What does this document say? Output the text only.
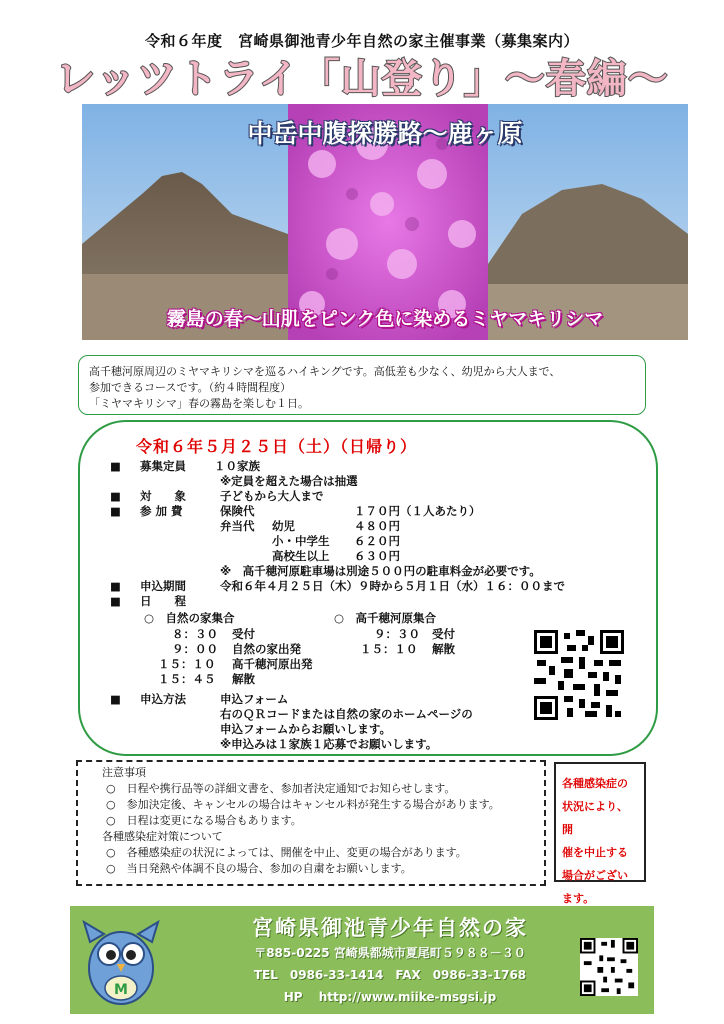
令和６年度　宮崎県御池青少年自然の家主催事業（募集案内）
レッツトライ「山登り」〜春編〜
中岳中腹探勝路〜鹿ヶ原
霧島の春〜山肌をピンク色に染めるミヤマキリシマ
高千穂河原周辺のミヤマキリシマを巡るハイキングです。高低差も少なく、幼児から大人まで、
参加できるコースです。（約４時間程度）
「ミヤマキリシマ」春の霧島を楽しむ１日。
令和６年５月２５日（土）（日帰り）
■ 募集定員 １０家族
※定員を超えた場合は抽選
■ 対　　象	子どもから大人まで
■ 参 加 費	保険代	１７０円（１人あたり）
弁当代 幼児	４８０円
小・中学生 ６２０円
高校生以上 ６３０円
※　高千穂河原駐車場は別途５００円の駐車料金が必要です。
■ 申込期間	令和６年４月２５日（木）９時から５月１日（水）１６：００まで
■ 日　　程
○　自然の家集合
８：３０ 受付
９：００ 自然の家出発
１５：１０ 高千穂河原出発
１５：４５ 解散
○　高千穂河原集合
９：３０ 受付
１５：１０ 解散
■ 申込方法	申込フォーム
右のＱＲコードまたは自然の家のホームページの
申込フォームからお願いします。
※申込みは１家族１応募でお願いします。
注意事項
○　日程や携行品等の詳細文書を、参加者決定通知でお知らせします。
○　参加決定後、キャンセルの場合はキャンセル料が発生する場合があります。
○　日程は変更になる場合もあります。
各種感染症対策について
○　各種感染症の状況によっては、開催を中止、変更の場合があります。
○　当日発熱や体調不良の場合、参加の自粛をお願いします。
各種感染症の
状況により、開
催を中止する
場合がござい
ます。
M
宮崎県御池青少年自然の家
〒885-0225 宮崎県都城市夏尾町５９８８－３０
TEL　0986-33-1414　FAX　0986-33-1768
HP　 http://www.miike-msgsi.jp
